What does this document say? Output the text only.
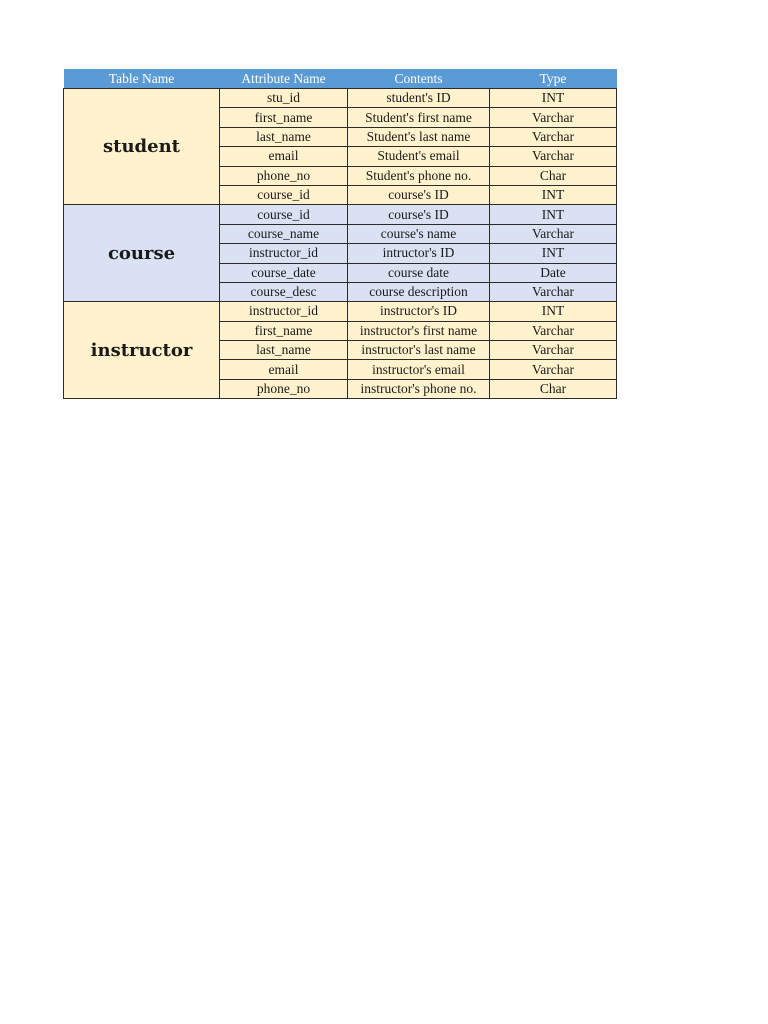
Table Name	Attribute Name	Contents	Type
student	stu_id	student's ID	INT
	first_name	Student's first name	Varchar
	last_name	Student's last name	Varchar
	email	Student's email	Varchar
	phone_no	Student's phone no.	Char
	course_id	course's ID	INT
course	course_id	course's ID	INT
	course_name	course's name	Varchar
	instructor_id	intructor's ID	INT
	course_date	course date	Date
	course_desc	course description	Varchar
instructor	instructor_id	instructor's ID	INT
	first_name	instructor's first name	Varchar
	last_name	instructor's last name	Varchar
	email	instructor's email	Varchar
	phone_no	instructor's phone no.	Char
